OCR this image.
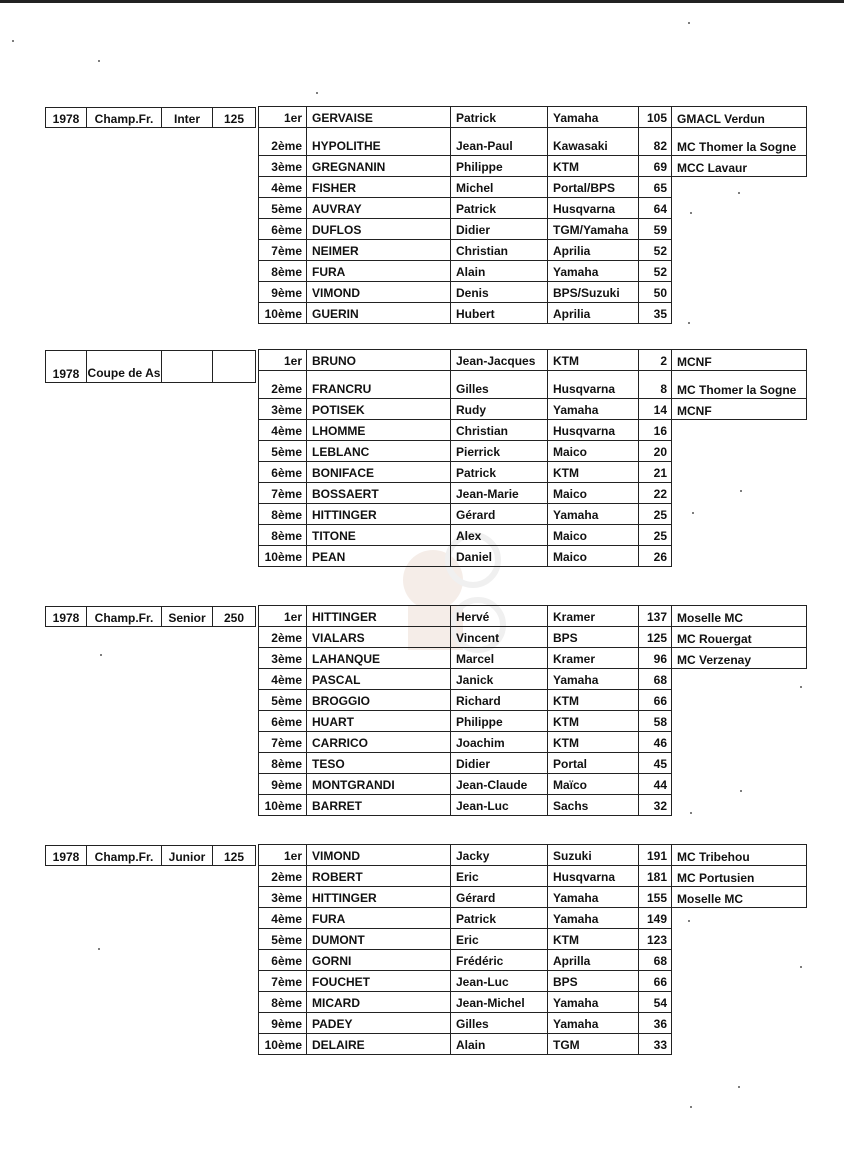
1978	Champ.Fr.	Inter	125	1er GERVAISE	Patrick	Yamaha	105 GMACL Verdun
2ème HYPOLITHE	Jean-Paul	Kawasaki	82 MC Thomer la Sogne
3ème GREGNANIN	Philippe	KTM	69 MCC Lavaur
4ème FISHER	Michel	Portal/BPS	65
5ème AUVRAY	Patrick	Husqvarna	64
6ème DUFLOS	Didier	TGM/Yamaha	59
7ème NEIMER	Christian	Aprilia	52
8ème FURA	Alain	Yamaha	52
9ème VIMOND	Denis	BPS/Suzuki	50
10ème GUERIN	Hubert	Aprilia	35
1978 Coupe de As
1er BRUNO	Jean-Jacques	KTM	2 MCNF
2ème FRANCRU	Gilles	Husqvarna	8 MC Thomer la Sogne
3ème POTISEK	Rudy	Yamaha	14 MCNF
4ème LHOMME	Christian	Husqvarna	16
5ème LEBLANC	Pierrick	Maico	20
6ème BONIFACE	Patrick	KTM	21
7ème BOSSAERT	Jean-Marie	Maico	22
8ème HITTINGER	Gérard	Yamaha	25
8ème TITONE	Alex	Maico	25
10ème PEAN	Daniel	Maico	26
1978	Champ.Fr.	Senior	250	1er HITTINGER	Hervé	Kramer	137 Moselle MC
2ème VIALARS	Vincent	BPS	125 MC Rouergat
3ème LAHANQUE	Marcel	Kramer	96 MC Verzenay
4ème PASCAL	Janick	Yamaha	68
5ème BROGGIO	Richard	KTM	66
6ème HUART	Philippe	KTM	58
7ème CARRICO	Joachim	KTM	46
8ème TESO	Didier	Portal	45
9ème MONTGRANDI	Jean-Claude	Maïco	44
10ème BARRET	Jean-Luc	Sachs	32
1978	Champ.Fr.	Junior	125	1er VIMOND	Jacky	Suzuki	191 MC Tribehou
2ème ROBERT	Eric	Husqvarna	181 MC Portusien
3ème HITTINGER	Gérard	Yamaha	155 Moselle MC
4ème FURA	Patrick	Yamaha	149
5ème DUMONT	Eric	KTM	123
6ème GORNI	Frédéric	Aprilla	68
7ème FOUCHET	Jean-Luc	BPS	66
8ème MICARD	Jean-Michel	Yamaha	54
9ème PADEY	Gilles	Yamaha	36
10ème DELAIRE	Alain	TGM	33
